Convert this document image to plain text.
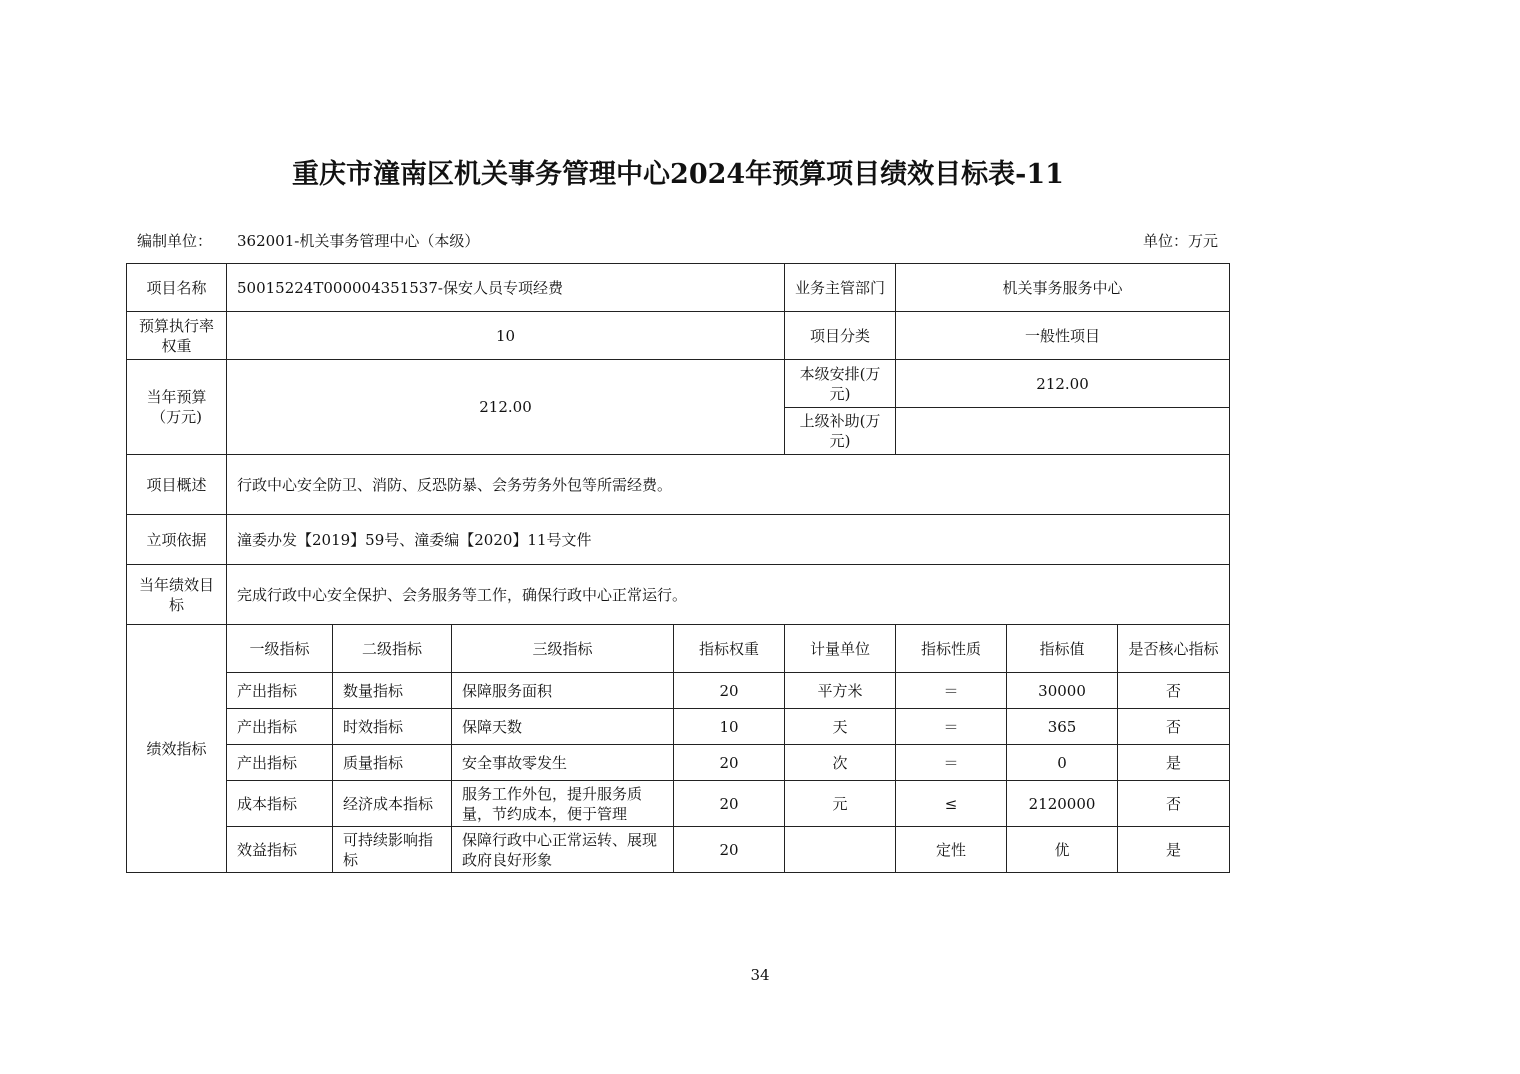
重庆市潼南区机关事务管理中心2024年预算项目绩效目标表-11
编制单位： 362001-机关事务管理中心（本级）	单位：万元
项目名称	50015224T000004351537-保安人员专项经费				业务主管部门	机关事务服务中心		
预算执行率权重	10				项目分类	一般性项目		
当年预算（万元)	212.00				本级安排(万元)	212.00		
					上级补助(万元)			
项目概述	行政中心安全防卫、消防、反恐防暴、会务劳务外包等所需经费。							
立项依据	潼委办发【2019】59号、潼委编【2020】11号文件							
当年绩效目标	完成行政中心安全保护、会务服务等工作，确保行政中心正常运行。							
绩效指标	一级指标	二级指标	三级指标	指标权重	计量单位	指标性质	指标值	是否核心指标
	产出指标	数量指标	保障服务面积	20	平方米	＝	30000	否
	产出指标	时效指标	保障天数	10	天	＝	365	否
	产出指标	质量指标	安全事故零发生	20	次	＝	0	是
	成本指标	经济成本指标	服务工作外包，提升服务质量，节约成本，便于管理	20	元	≤	2120000	否
	效益指标	可持续影响指标	保障行政中心正常运转、展现政府良好形象	20		定性	优	是
34
